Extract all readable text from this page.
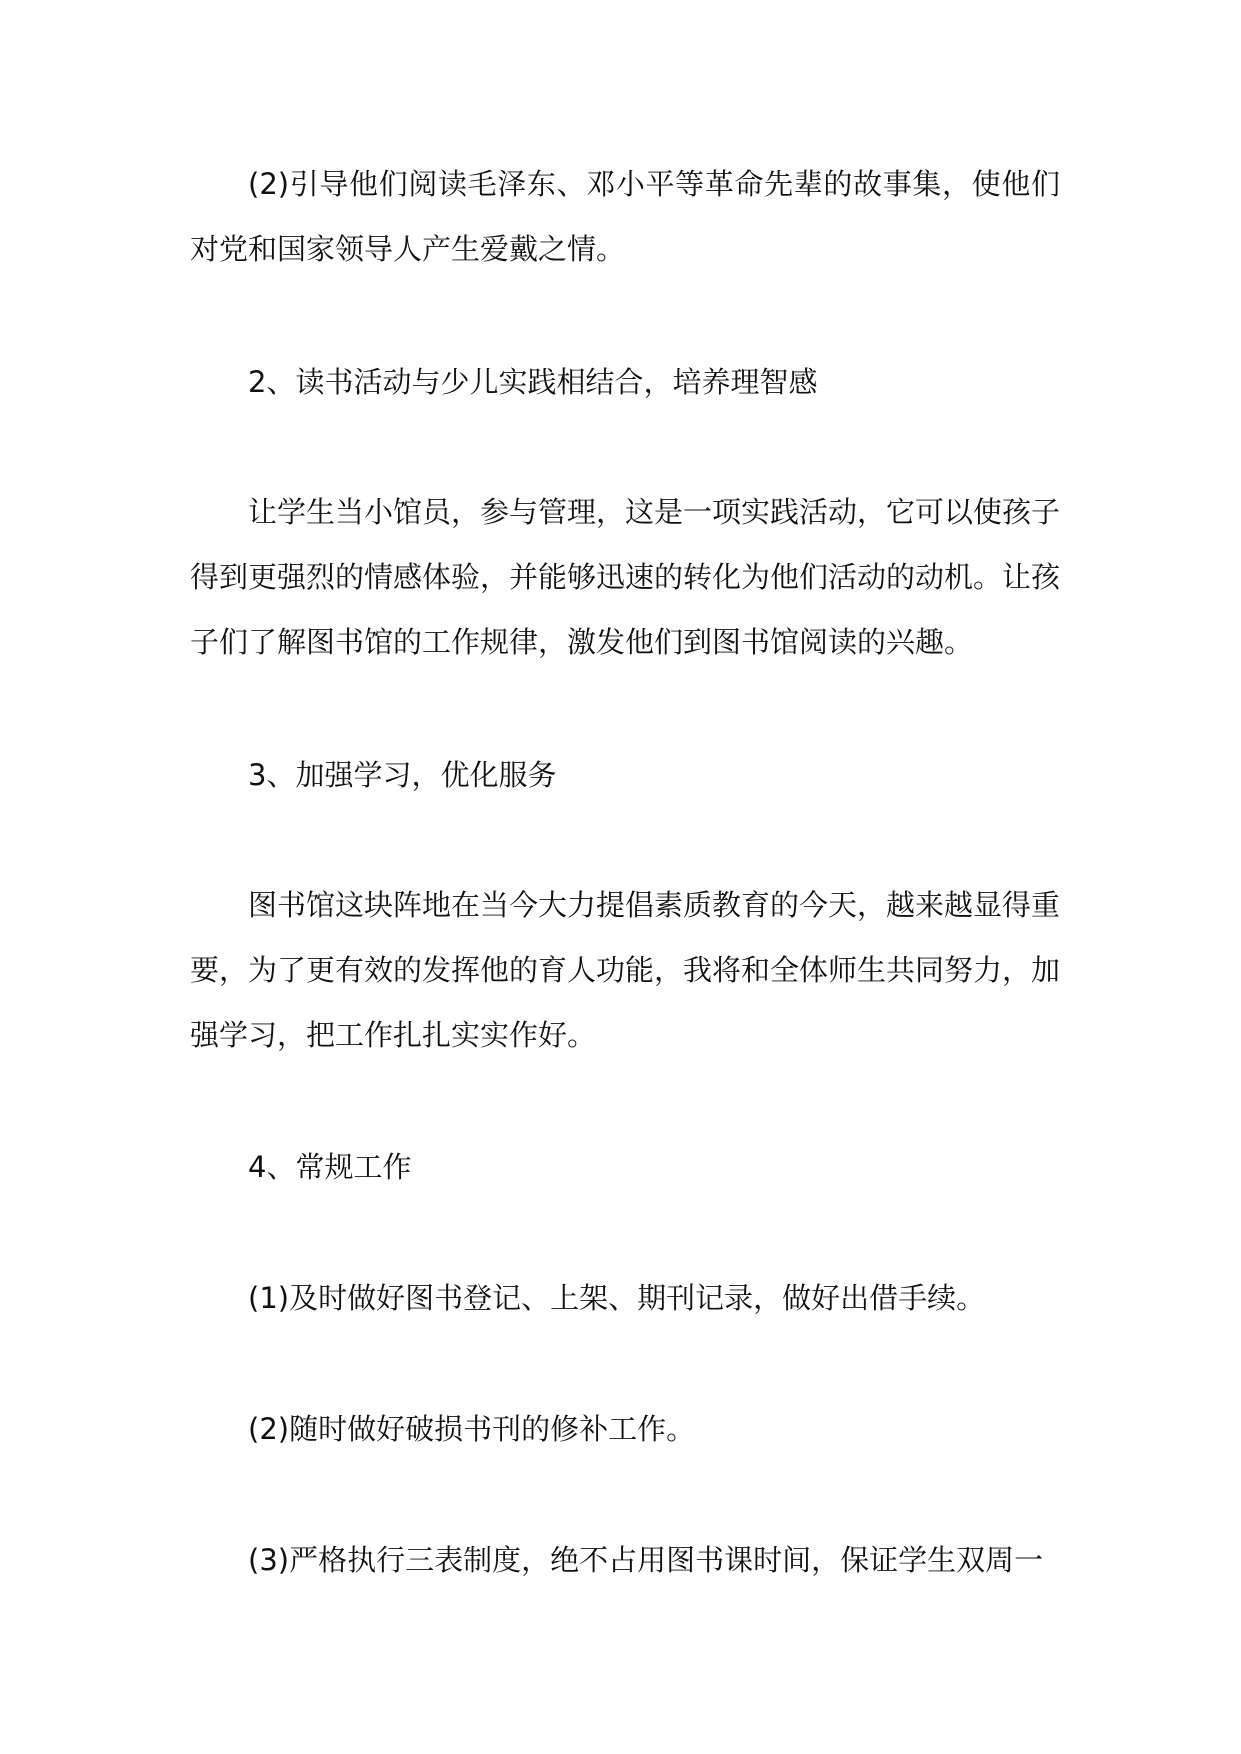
(2)引导他们阅读毛泽东、邓小平等革命先辈的故事集，使他们对党和国家领导人产生爱戴之情。

2、读书活动与少儿实践相结合，培养理智感

让学生当小馆员，参与管理，这是一项实践活动，它可以使孩子得到更强烈的情感体验，并能够迅速的转化为他们活动的动机。让孩子们了解图书馆的工作规律，激发他们到图书馆阅读的兴趣。

3、加强学习，优化服务

图书馆这块阵地在当今大力提倡素质教育的今天，越来越显得重要，为了更有效的发挥他的育人功能，我将和全体师生共同努力，加强学习，把工作扎扎实实作好。

4、常规工作

(1)及时做好图书登记、上架、期刊记录，做好出借手续。

(2)随时做好破损书刊的修补工作。

(3)严格执行三表制度，绝不占用图书课时间，保证学生双周一
